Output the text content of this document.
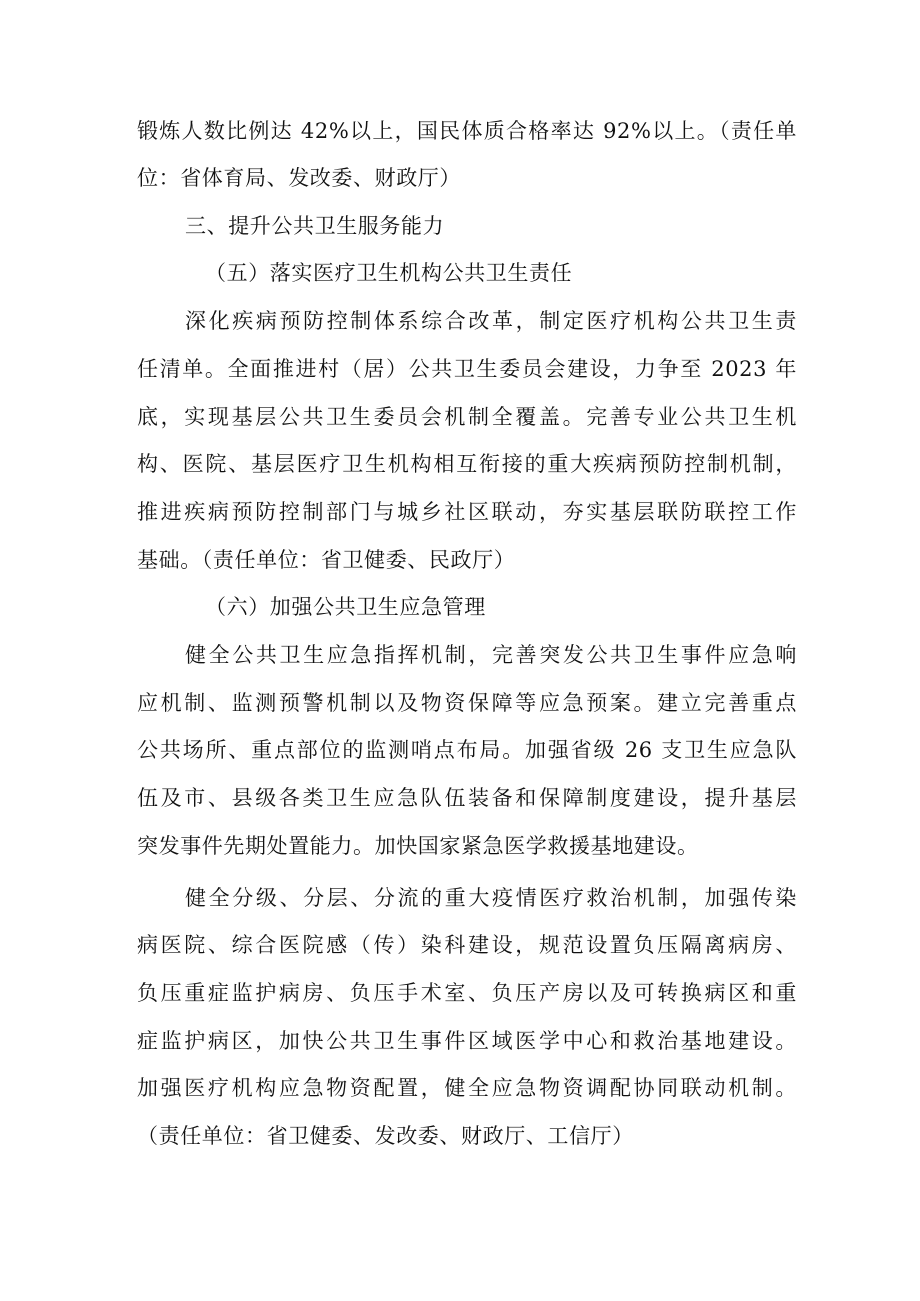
锻炼人数比例达 42%以上，国民体质合格率达 92%以上。（责任单
位：省体育局、发改委、财政厅）
三、提升公共卫生服务能力
（五）落实医疗卫生机构公共卫生责任
深化疾病预防控制体系综合改革，制定医疗机构公共卫生责
任清单。全面推进村（居）公共卫生委员会建设，力争至 2023 年
底，实现基层公共卫生委员会机制全覆盖。完善专业公共卫生机
构、医院、基层医疗卫生机构相互衔接的重大疾病预防控制机制，
推进疾病预防控制部门与城乡社区联动，夯实基层联防联控工作
基础。（责任单位：省卫健委、民政厅）
（六）加强公共卫生应急管理
健全公共卫生应急指挥机制，完善突发公共卫生事件应急响
应机制、监测预警机制以及物资保障等应急预案。建立完善重点
公共场所、重点部位的监测哨点布局。加强省级 26 支卫生应急队
伍及市、县级各类卫生应急队伍装备和保障制度建设，提升基层
突发事件先期处置能力。加快国家紧急医学救援基地建设。
健全分级、分层、分流的重大疫情医疗救治机制，加强传染
病医院、综合医院感（传）染科建设，规范设置负压隔离病房、
负压重症监护病房、负压手术室、负压产房以及可转换病区和重
症监护病区，加快公共卫生事件区域医学中心和救治基地建设。
加强医疗机构应急物资配置，健全应急物资调配协同联动机制。
（责任单位：省卫健委、发改委、财政厅、工信厅）
